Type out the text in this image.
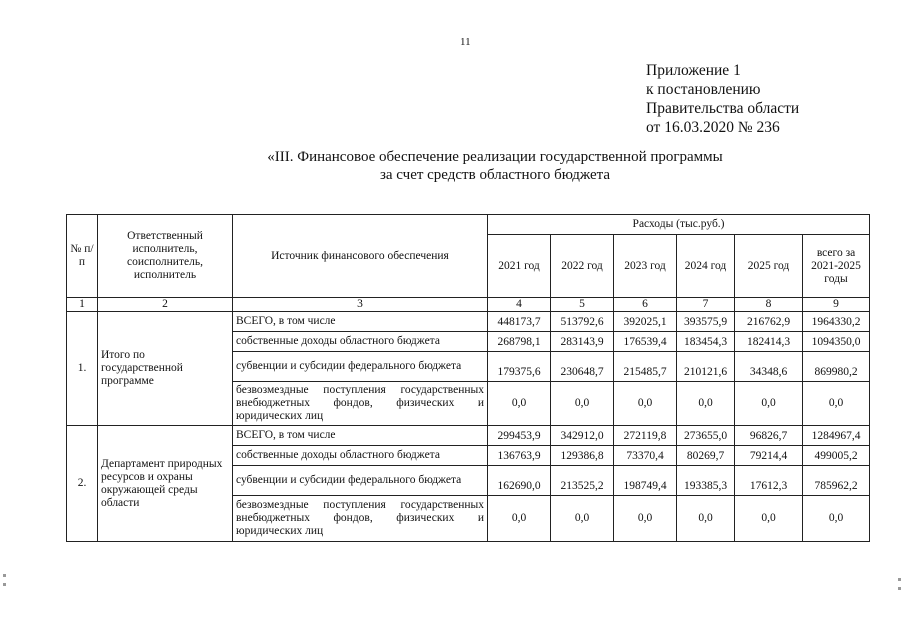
11
Приложение 1
к постановлению
Правительства области
от 16.03.2020 № 236
«III. Финансовое обеспечение реализации государственной программы
за счет средств областного бюджета
№ п/п	Ответственный исполнитель, соисполнитель, исполнитель	Источник финансового обеспечения	Расходы (тыс.руб.)					
			2021 год	2022 год	2023 год	2024 год	2025 год	всего за 2021-2025 годы
1	2	3	4	5	6	7	8	9
1.	Итого по государственной программе	ВСЕГО, в том числе	448173,7	513792,6	392025,1	393575,9	216762,9	1964330,2
		собственные доходы областного бюджета	268798,1	283143,9	176539,4	183454,3	182414,3	1094350,0
		субвенции и субсидии федерального бюджета	179375,6	230648,7	215485,7	210121,6	34348,6	869980,2
		безвозмездные поступления государственных внебюджетных фондов, физических и юридических лиц	0,0	0,0	0,0	0,0	0,0	0,0
2.	Департамент природных ресурсов и охраны окружающей среды области	ВСЕГО, в том числе	299453,9	342912,0	272119,8	273655,0	96826,7	1284967,4
		собственные доходы областного бюджета	136763,9	129386,8	73370,4	80269,7	79214,4	499005,2
		субвенции и субсидии федерального бюджета	162690,0	213525,2	198749,4	193385,3	17612,3	785962,2
		безвозмездные поступления государственных внебюджетных фондов, физических и юридических лиц	0,0	0,0	0,0	0,0	0,0	0,0
